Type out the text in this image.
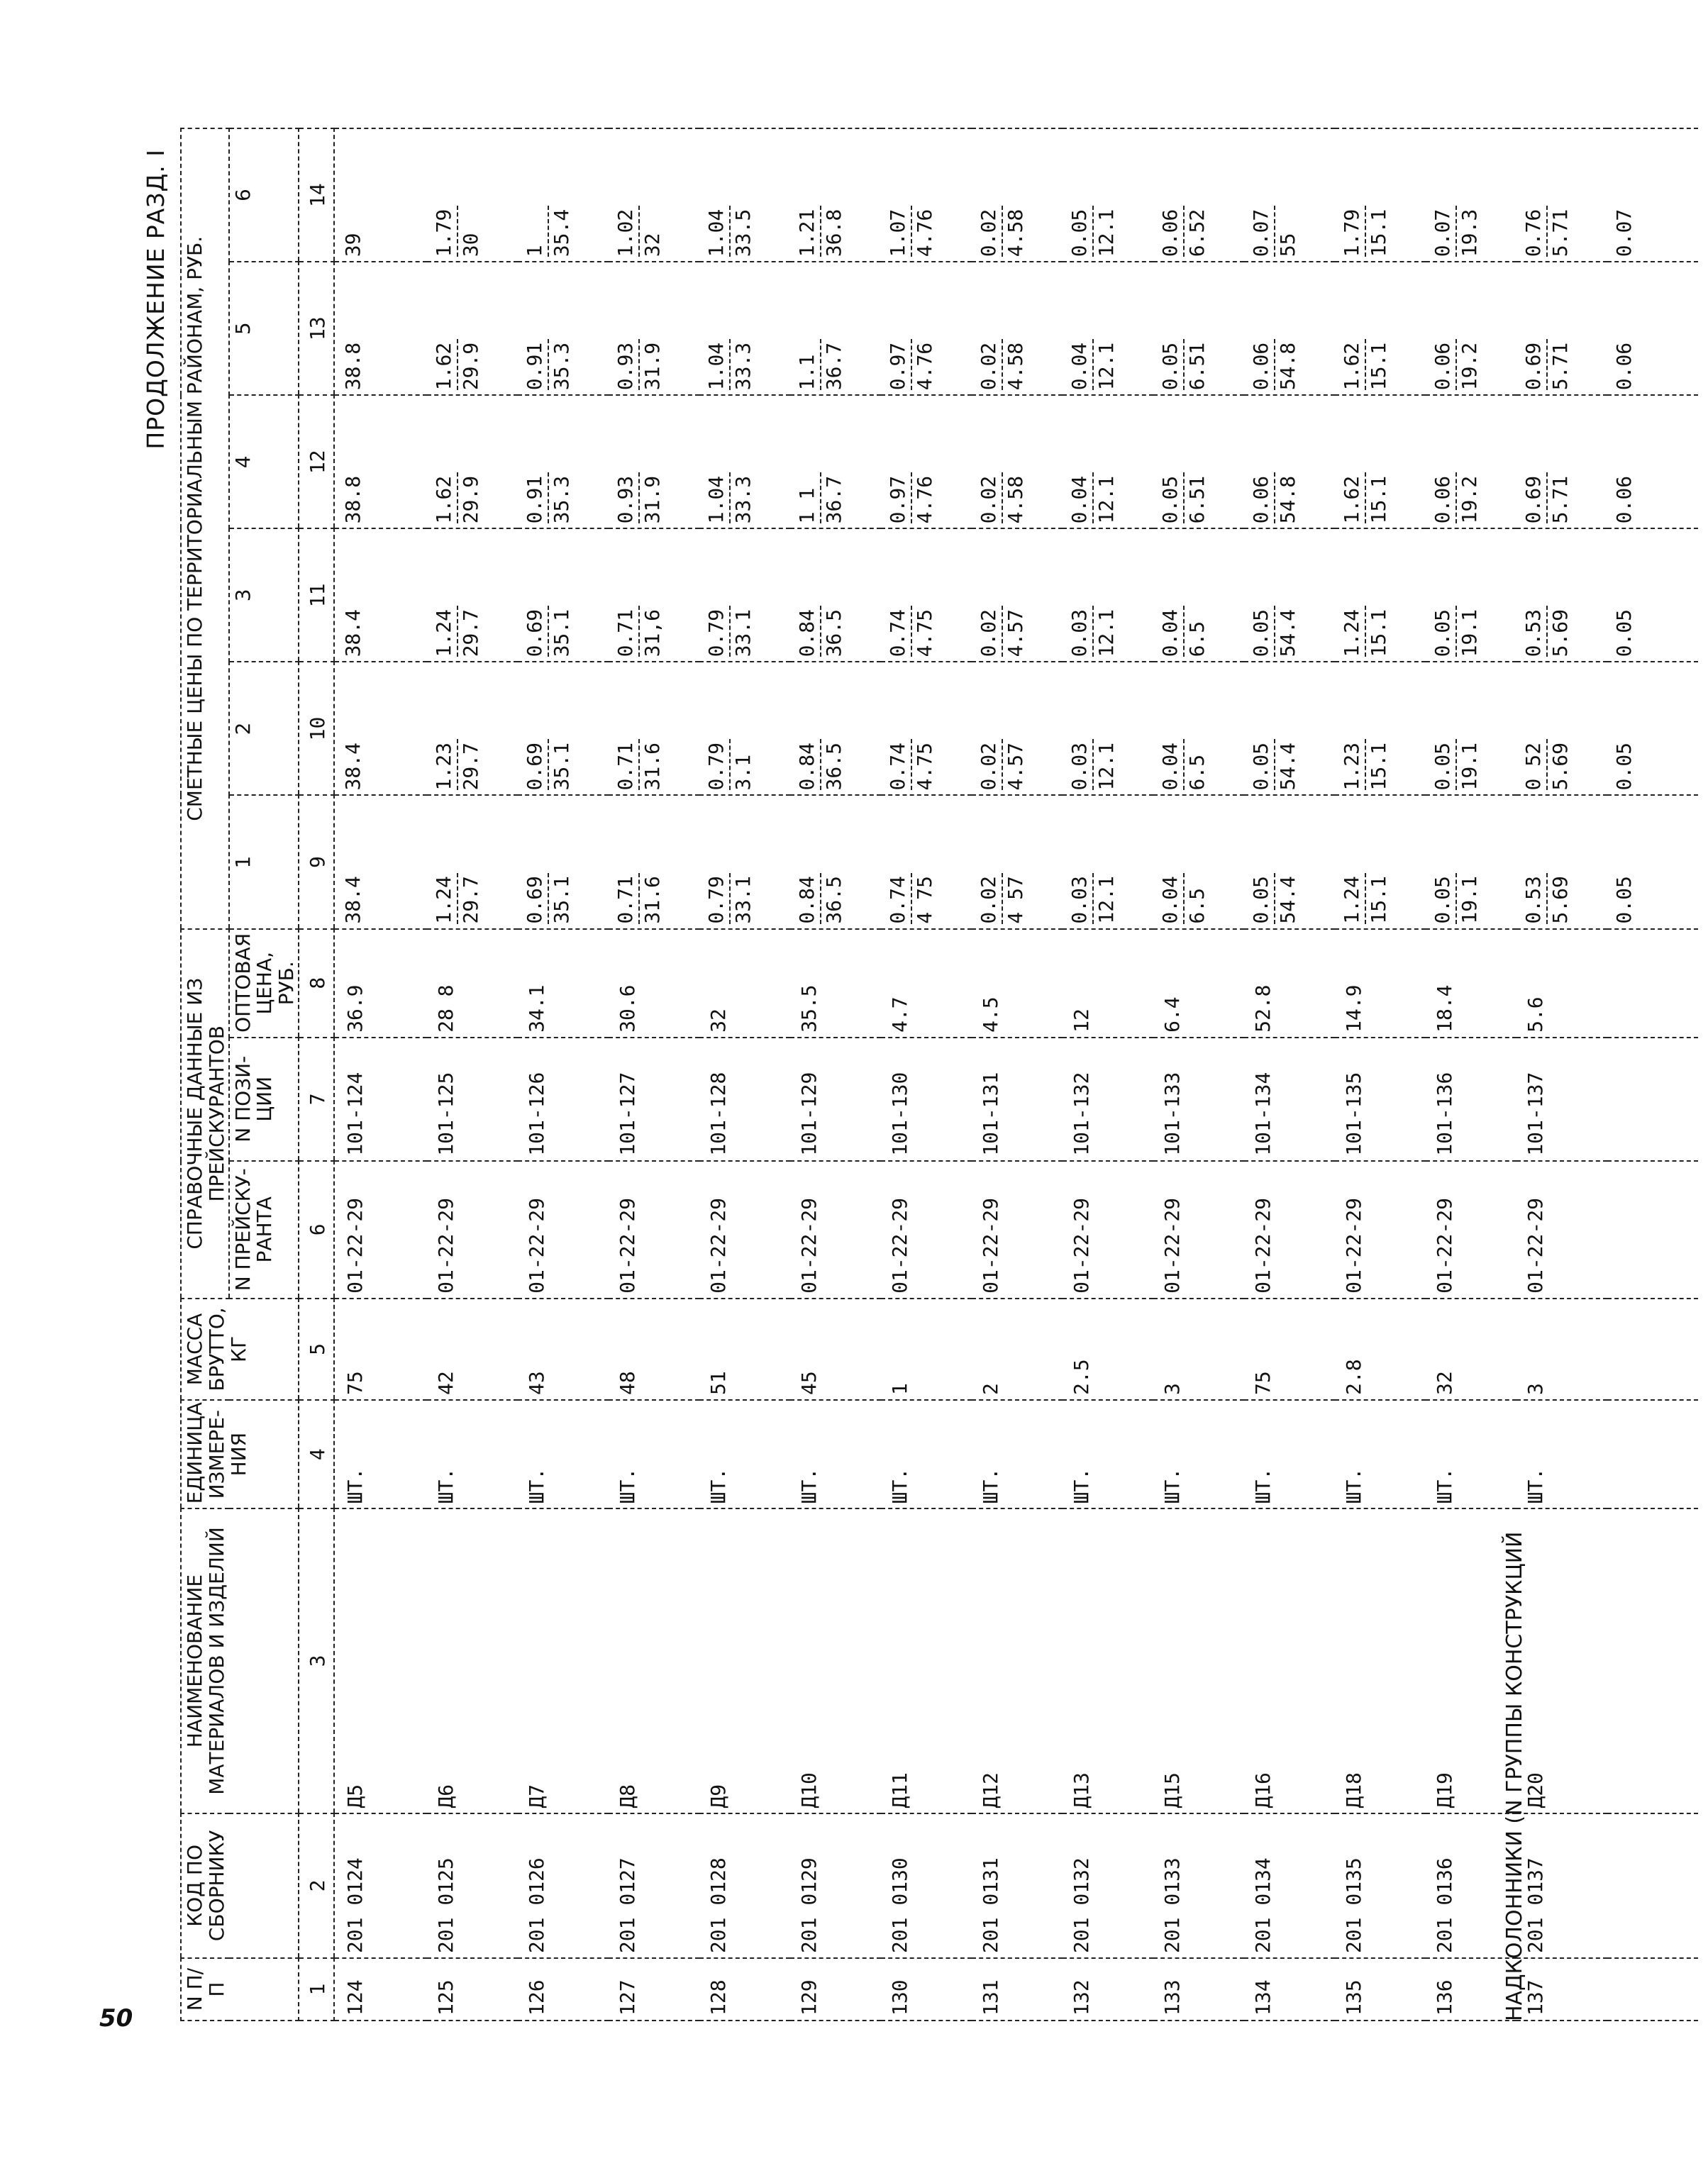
50
ПРОДОЛЖЕНИЕ РАЗД. I
N П/П	КОД ПО СБОРНИКУ	НАИМЕНОВАНИЕ МАТЕРИАЛОВ И ИЗДЕЛИЙ	ЕДИНИЦА ИЗМЕРЕ- НИЯ	МАССА БРУТТО, КГ	СПРАВОЧНЫЕ ДАННЫЕ ИЗ ПРЕЙСКУРАНТОВ			СМЕТНЫЕ ЦЕНЫ ПО ТЕРРИТОРИАЛЬНЫМ РАЙОНАМ, РУБ.					
					N ПРЕЙСКУ- РАНТА	N ПОЗИ- ЦИИ	ОПТОВАЯ ЦЕНА, РУБ.	1	2	3	4	5	6
1	2	3	4	5	6	7	8	9	10	11	12	13	14
124	201 0124	Д5	ШТ.	75	01-22-29	101-124	36.9	38.4	38.4	38.4	38.8	38.8	39

125	201 0125	Д6	ШТ.	42	01-22-29	101-125	28 8	1.24 29.7	1.23 29.7	1.24 29.7	1.62 29.9	1.62 29.9	1.79 30

126	201 0126	Д7	ШТ.	43	01-22-29	101-126	34.1	0.69 35.1	0.69 35.1	0.69 35.1	0.91 35.3	0.91 35.3	1 35.4

127	201 0127	Д8	ШТ.	48	01-22-29	101-127	30.6	0.71 31.6	0.71 31.6	0.71 31,6	0.93 31.9	0.93 31.9	1.02 32

128	201 0128	Д9	ШТ.	51	01-22-29	101-128	32	0.79 33.1	0.79 3.1	0.79 33.1	1.04 33.3	1.04 33.3	1.04 33.5

129	201 0129	Д10	ШТ.	45	01-22-29	101-129	35.5	0.84 36.5	0.84 36.5	0.84 36.5	1 1 36.7	1.1 36.7	1.21 36.8

130	201 0130	Д11	ШТ.	1	01-22-29	101-130	4.7	0.74 4 75	0.74 4.75	0.74 4.75	0.97 4.76	0.97 4.76	1.07 4.76

131	201 0131	Д12	ШТ.	2	01-22-29	101-131	4.5	0.02 4 57	0.02 4.57	0.02 4.57	0.02 4.58	0.02 4.58	0.02 4.58

132	201 0132	Д13	ШТ.	2.5	01-22-29	101-132	12	0.03 12.1	0.03 12.1	0.03 12.1	0.04 12.1	0.04 12.1	0.05 12.1

133	201 0133	Д15	ШТ.	3	01-22-29	101-133	6.4	0.04 6.5	0.04 6.5	0.04 6.5	0.05 6.51	0.05 6.51	0.06 6.52

134	201 0134	Д16	ШТ.	75	01-22-29	101-134	52.8	0.05 54.4	0.05 54.4	0.05 54.4	0.06 54.8	0.06 54.8	0.07 55

135	201 0135	Д18	ШТ.	2.8	01-22-29	101-135	14.9	1.24 15.1	1.23 15.1	1.24 15.1	1.62 15.1	1.62 15.1	1.79 15.1

136	201 0136	Д19	ШТ.	32	01-22-29	101-136	18.4	0.05 19.1	0.05 19.1	0.05 19.1	0.06 19.2	0.06 19.2	0.07 19.3

137	201 0137	Д20	ШТ.	3	01-22-29	101-137	5.6	0.53 5.69	0 52 5.69	0.53 5.69	0.69 5.71	0.69 5.71	0.76 5.71

								0.05	0.05	0.05	0.06	0.06	0.07
НАДКОЛОННИКИ (N ГРУППЫ КОНСТРУКЦИЙ
